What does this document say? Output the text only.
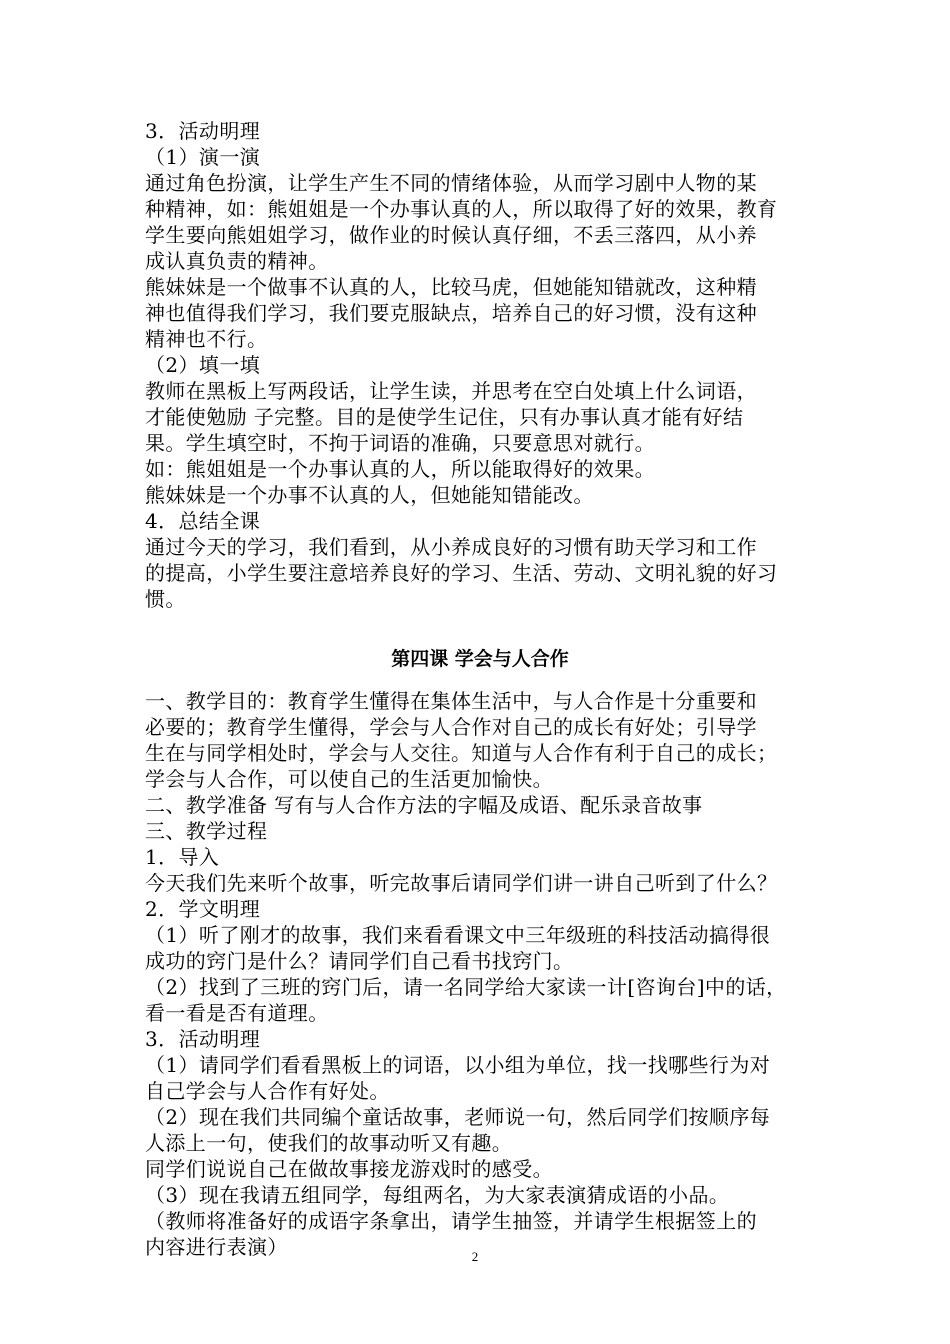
3．活动明理
（1）演一演
通过角色扮演，让学生产生不同的情绪体验，从而学习剧中人物的某
种精神，如：熊姐姐是一个办事认真的人，所以取得了好的效果，教育
学生要向熊姐姐学习，做作业的时候认真仔细，不丢三落四，从小养
成认真负责的精神。
熊妹妹是一个做事不认真的人，比较马虎，但她能知错就改，这种精
神也值得我们学习，我们要克服缺点，培养自己的好习惯，没有这种
精神也不行。
（2）填一填
教师在黑板上写两段话，让学生读，并思考在空白处填上什么词语，
才能使勉励 子完整。目的是使学生记住，只有办事认真才能有好结
果。学生填空时，不拘于词语的准确，只要意思对就行。
如：熊姐姐是一个办事认真的人，所以能取得好的效果。
熊妹妹是一个办事不认真的人，但她能知错能改。
4．总结全课
通过今天的学习，我们看到，从小养成良好的习惯有助天学习和工作
的提高，小学生要注意培养良好的学习、生活、劳动、文明礼貌的好习
惯。
第四课 学会与人合作
一、教学目的：教育学生懂得在集体生活中，与人合作是十分重要和
必要的；教育学生懂得，学会与人合作对自己的成长有好处；引导学
生在与同学相处时，学会与人交往。知道与人合作有利于自己的成长；
学会与人合作，可以使自己的生活更加愉快。
二、教学准备 写有与人合作方法的字幅及成语、配乐录音故事
三、教学过程
1．导入
今天我们先来听个故事，听完故事后请同学们讲一讲自己听到了什么？
2．学文明理
（1）听了刚才的故事，我们来看看课文中三年级班的科技活动搞得很
成功的窍门是什么？请同学们自己看书找窍门。
（2）找到了三班的窍门后，请一名同学给大家读一计[咨询台]中的话，
看一看是否有道理。
3．活动明理
（1）请同学们看看黑板上的词语，以小组为单位，找一找哪些行为对
自己学会与人合作有好处。
（2）现在我们共同编个童话故事，老师说一句，然后同学们按顺序每
人添上一句，使我们的故事动听又有趣。
同学们说说自己在做故事接龙游戏时的感受。
（3）现在我请五组同学，每组两名，为大家表演猜成语的小品。
（教师将准备好的成语字条拿出，请学生抽签，并请学生根据签上的
内容进行表演）	2
